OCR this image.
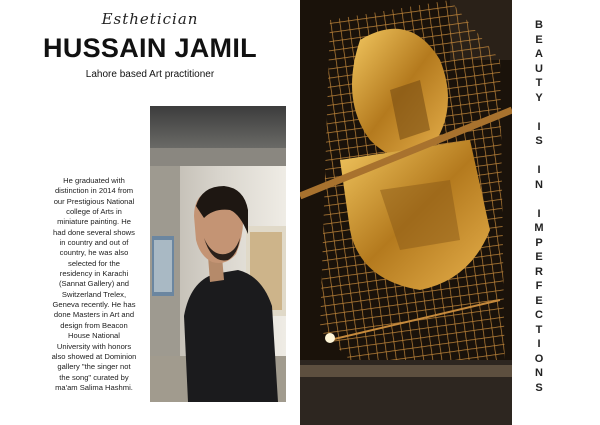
Esthetician
HUSSAIN JAMIL
Lahore based Art practitioner
He graduated with
distinction in 2014 from
our Prestigious National
college of Arts in
miniature painting. He
had done several shows
in country and out of
country, he was also
selected for the
residency in Karachi
(Sannat Gallery) and
Switzerland Trelex,
Geneva recently. He has
done Masters in Art and
design from Beacon
House National
University with honors
also showed at Dominion
gallery "the singer not
the song" curated by
ma'am Salima Hashmi.
B
E
A
U
T
Y

I
S

I
N

I
M
P
E
R
F
E
C
T
I
O
N
S
